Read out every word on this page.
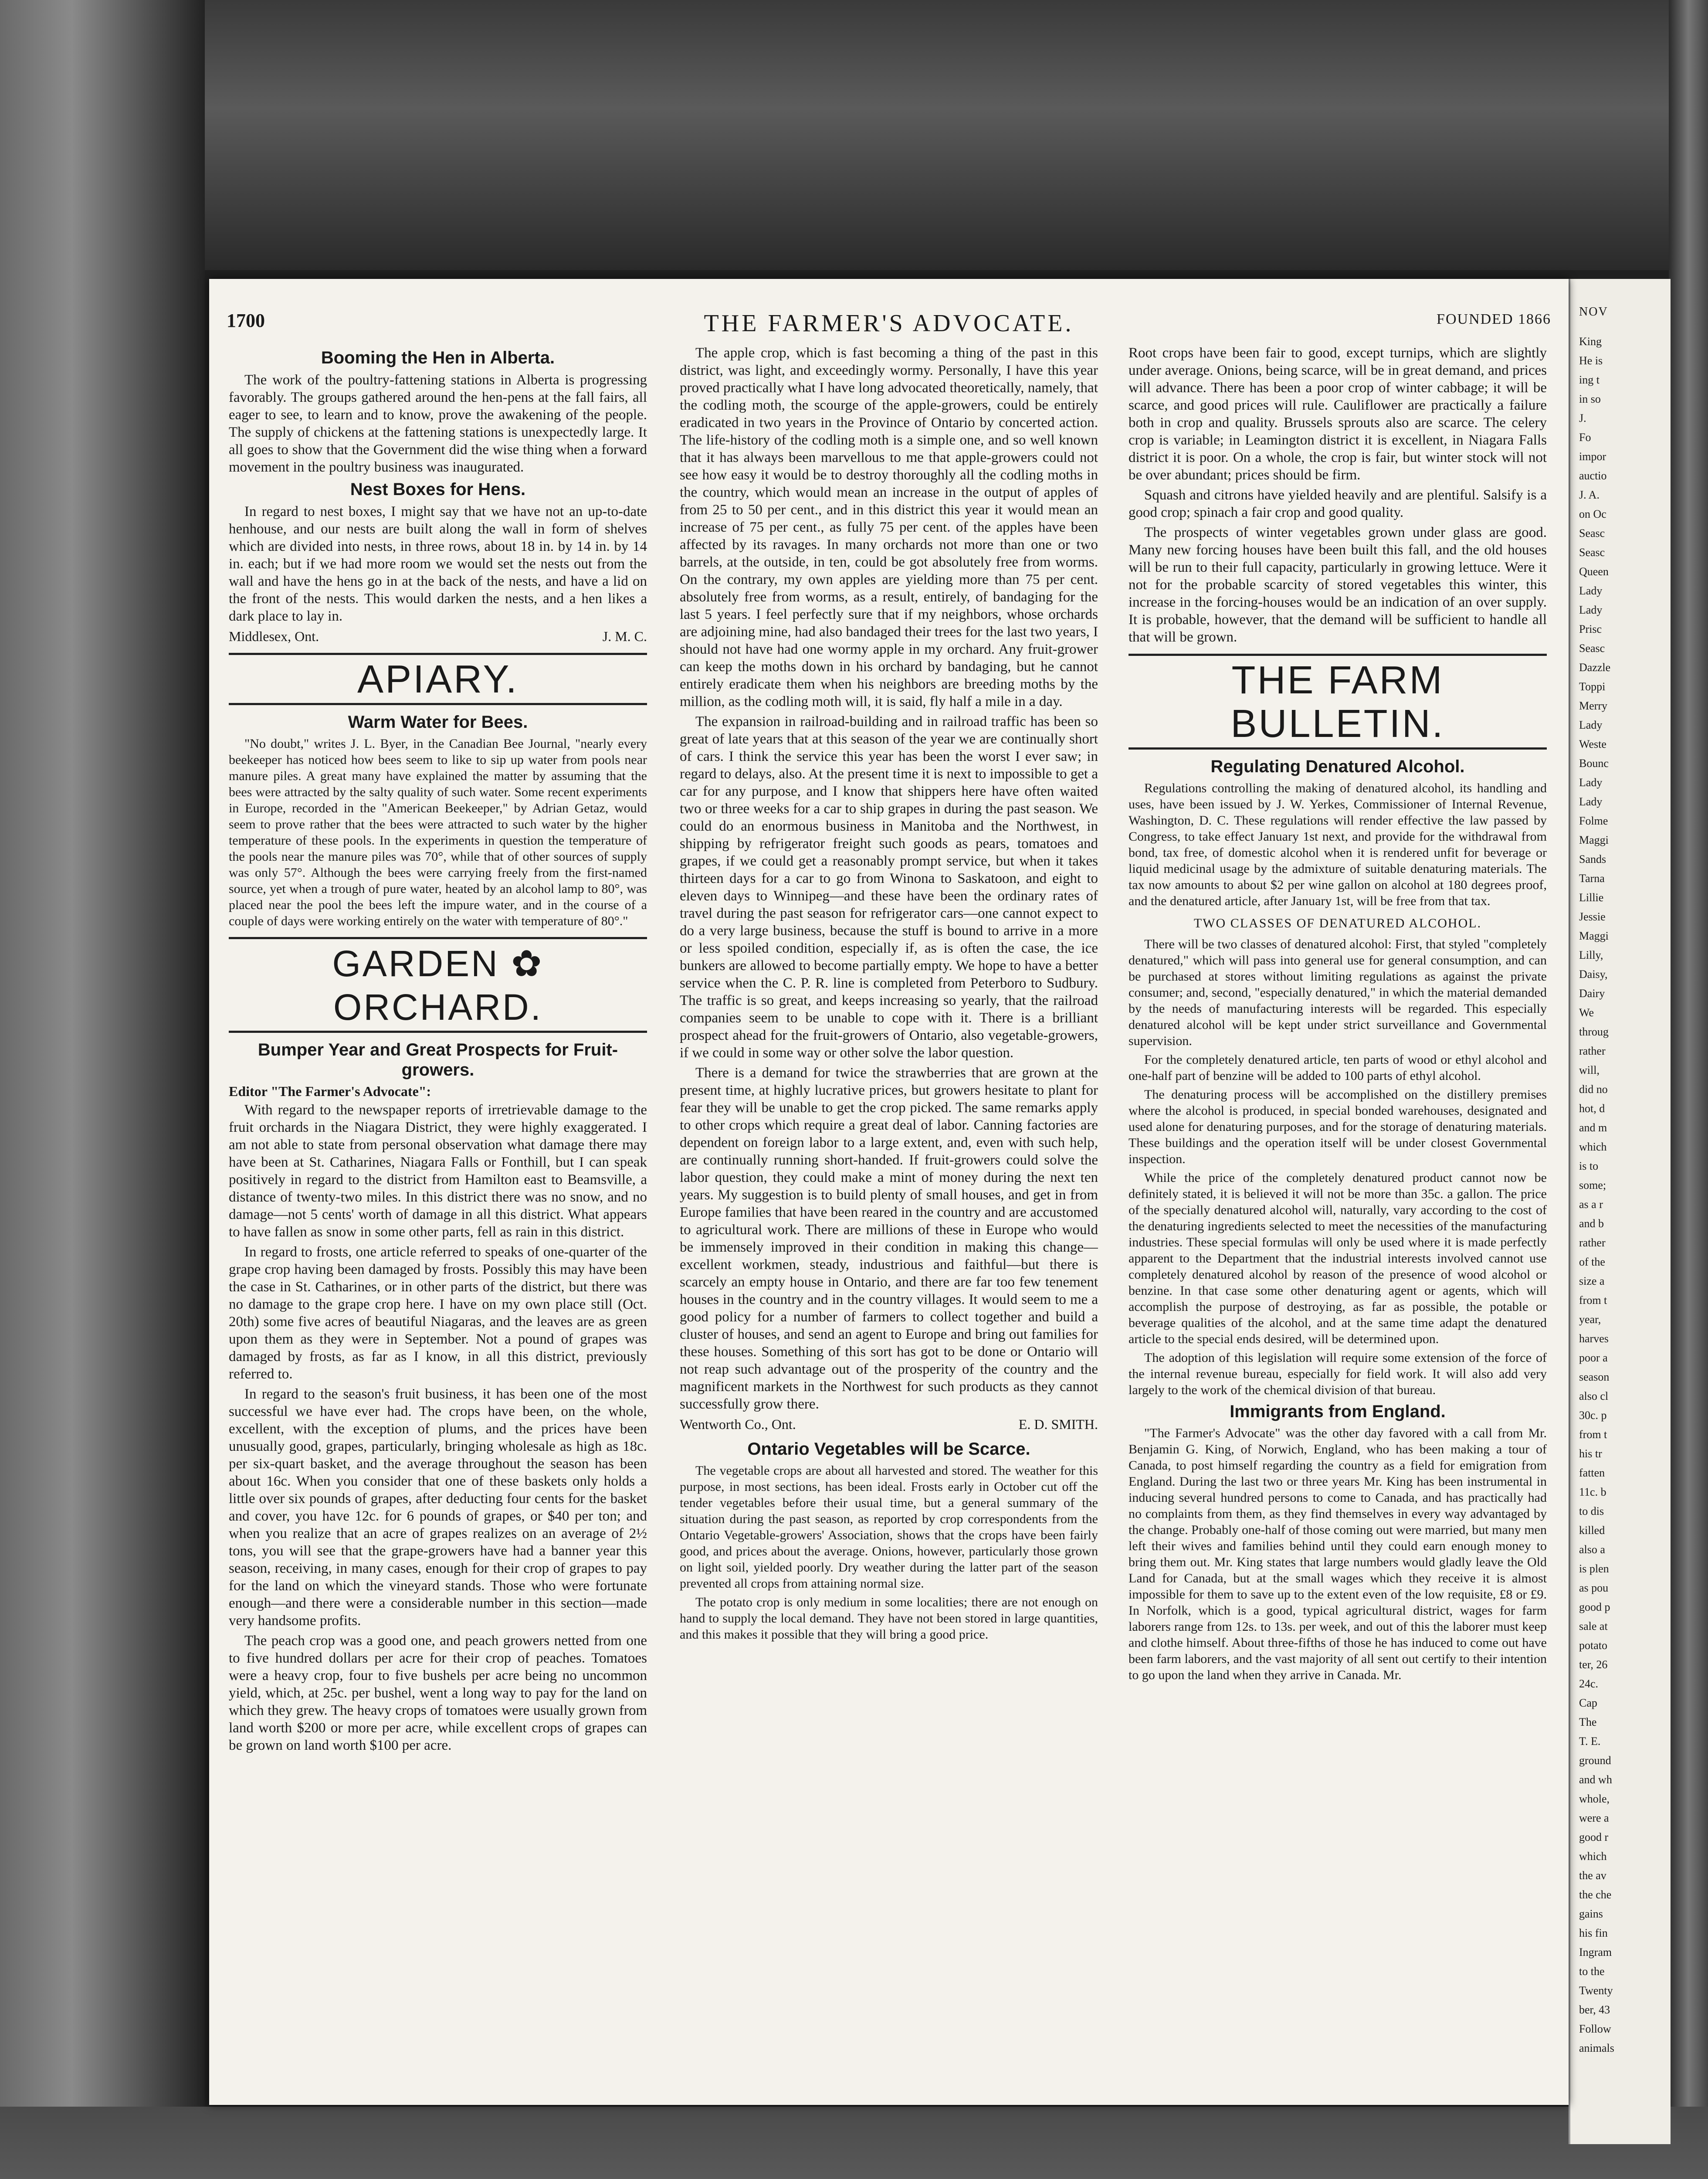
NOV
King
He is
ing t
in so
J.
Fo
impor
auctio
J. A.
on Oc
Seasc
Seasc
Queen
Lady
Lady
Prisc
Seasc
Dazzle
Toppi
Merry
Lady
Weste
Bounc
Lady
Lady
Folme
Maggi
Sands
Tarna
Lillie
Jessie
Maggi
Lilly,
Daisy,
Dairy
We
throug
rather
will,
did no
hot, d
and m
which
is to
some;
as a r
and b
rather
of the
size a
from t
year,
harves
poor a
season
also cl
30c. p
from t
his tr
fatten
11c. b
to dis
killed
also a
is plen
as pou
good p
sale at
potato
ter, 26
24c.
Cap
The
T. E.
ground
and wh
whole,
were a
good r
which
the av
the che
gains
his fin
Ingram
to the
Twenty
ber, 43
Follow
animals
1700	THE FARMER'S ADVOCATE.	FOUNDED 1866
Booming the Hen in Alberta.

The work of the poultry-fattening stations in Alberta is progressing favorably. The groups gathered around the hen-pens at the fall fairs, all eager to see, to learn and to know, prove the awakening of the people. The supply of chickens at the fattening stations is unexpectedly large. It all goes to show that the Government did the wise thing when a forward movement in the poultry business was inaugurated.

Nest Boxes for Hens.

In regard to nest boxes, I might say that we have not an up-to-date henhouse, and our nests are built along the wall in form of shelves which are divided into nests, in three rows, about 18 in. by 14 in. by 14 in. each; but if we had more room we would set the nests out from the wall and have the hens go in at the back of the nests, and have a lid on the front of the nests. This would darken the nests, and a hen likes a dark place to lay in.

Middlesex, Ont.	J. M. C.

APIARY.
Warm Water for Bees.

"No doubt," writes J. L. Byer, in the Canadian Bee Journal, "nearly every beekeeper has noticed how bees seem to like to sip up water from pools near manure piles. A great many have explained the matter by assuming that the bees were attracted by the salty quality of such water. Some recent experiments in Europe, recorded in the "American Beekeeper," by Adrian Getaz, would seem to prove rather that the bees were attracted to such water by the higher temperature of these pools. In the experiments in question the temperature of the pools near the manure piles was 70°, while that of other sources of supply was only 57°. Although the bees were carrying freely from the first-named source, yet when a trough of pure water, heated by an alcohol lamp to 80°, was placed near the pool the bees left the impure water, and in the course of a couple of days were working entirely on the water with temperature of 80°."

GARDEN ✿ ORCHARD.
Bumper Year and Great Prospects for Fruit-growers.

Editor "The Farmer's Advocate":

With regard to the newspaper reports of irretrievable damage to the fruit orchards in the Niagara District, they were highly exaggerated. I am not able to state from personal observation what damage there may have been at St. Catharines, Niagara Falls or Fonthill, but I can speak positively in regard to the district from Hamilton east to Beamsville, a distance of twenty-two miles. In this district there was no snow, and no damage—not 5 cents' worth of damage in all this district. What appears to have fallen as snow in some other parts, fell as rain in this district.

In regard to frosts, one article referred to speaks of one-quarter of the grape crop having been damaged by frosts. Possibly this may have been the case in St. Catharines, or in other parts of the district, but there was no damage to the grape crop here. I have on my own place still (Oct. 20th) some five acres of beautiful Niagaras, and the leaves are as green upon them as they were in September. Not a pound of grapes was damaged by frosts, as far as I know, in all this district, previously referred to.

In regard to the season's fruit business, it has been one of the most successful we have ever had. The crops have been, on the whole, excellent, with the exception of plums, and the prices have been unusually good, grapes, particularly, bringing wholesale as high as 18c. per six-quart basket, and the average throughout the season has been about 16c. When you consider that one of these baskets only holds a little over six pounds of grapes, after deducting four cents for the basket and cover, you have 12c. for 6 pounds of grapes, or $40 per ton; and when you realize that an acre of grapes realizes on an average of 2½ tons, you will see that the grape-growers have had a banner year this season, receiving, in many cases, enough for their crop of grapes to pay for the land on which the vineyard stands. Those who were fortunate enough—and there were a considerable number in this section—made very handsome profits.

The peach crop was a good one, and peach growers netted from one to five hundred dollars per acre for their crop of peaches. Tomatoes were a heavy crop, four to five bushels per acre being no uncommon yield, which, at 25c. per bushel, went a long way to pay for the land on which they grew. The heavy crops of tomatoes were usually grown from land worth $200 or more per acre, while excellent crops of grapes can be grown on land worth $100 per acre.

The apple crop, which is fast becoming a thing of the past in this district, was light, and exceedingly wormy. Personally, I have this year proved practically what I have long advocated theoretically, namely, that the codling moth, the scourge of the apple-growers, could be entirely eradicated in two years in the Province of Ontario by concerted action. The life-history of the codling moth is a simple one, and so well known that it has always been marvellous to me that apple-growers could not see how easy it would be to destroy thoroughly all the codling moths in the country, which would mean an increase in the output of apples of from 25 to 50 per cent., and in this district this year it would mean an increase of 75 per cent., as fully 75 per cent. of the apples have been affected by its ravages. In many orchards not more than one or two barrels, at the outside, in ten, could be got absolutely free from worms. On the contrary, my own apples are yielding more than 75 per cent. absolutely free from worms, as a result, entirely, of bandaging for the last 5 years. I feel perfectly sure that if my neighbors, whose orchards are adjoining mine, had also bandaged their trees for the last two years, I should not have had one wormy apple in my orchard. Any fruit-grower can keep the moths down in his orchard by bandaging, but he cannot entirely eradicate them when his neighbors are breeding moths by the million, as the codling moth will, it is said, fly half a mile in a day.

The expansion in railroad-building and in railroad traffic has been so great of late years that at this season of the year we are continually short of cars. I think the service this year has been the worst I ever saw; in regard to delays, also. At the present time it is next to impossible to get a car for any purpose, and I know that shippers here have often waited two or three weeks for a car to ship grapes in during the past season. We could do an enormous business in Manitoba and the Northwest, in shipping by refrigerator freight such goods as pears, tomatoes and grapes, if we could get a reasonably prompt service, but when it takes thirteen days for a car to go from Winona to Saskatoon, and eight to eleven days to Winnipeg—and these have been the ordinary rates of travel during the past season for refrigerator cars—one cannot expect to do a very large business, because the stuff is bound to arrive in a more or less spoiled condition, especially if, as is often the case, the ice bunkers are allowed to become partially empty. We hope to have a better service when the C. P. R. line is completed from Peterboro to Sudbury. The traffic is so great, and keeps increasing so yearly, that the railroad companies seem to be unable to cope with it. There is a brilliant prospect ahead for the fruit-growers of Ontario, also vegetable-growers, if we could in some way or other solve the labor question.

There is a demand for twice the strawberries that are grown at the present time, at highly lucrative prices, but growers hesitate to plant for fear they will be unable to get the crop picked. The same remarks apply to other crops which require a great deal of labor. Canning factories are dependent on foreign labor to a large extent, and, even with such help, are continually running short-handed. If fruit-growers could solve the labor question, they could make a mint of money during the next ten years. My suggestion is to build plenty of small houses, and get in from Europe families that have been reared in the country and are accustomed to agricultural work. There are millions of these in Europe who would be immensely improved in their condition in making this change—excellent workmen, steady, industrious and faithful—but there is scarcely an empty house in Ontario, and there are far too few tenement houses in the country and in the country villages. It would seem to me a good policy for a number of farmers to collect together and build a cluster of houses, and send an agent to Europe and bring out families for these houses. Something of this sort has got to be done or Ontario will not reap such advantage out of the prosperity of the country and the magnificent markets in the Northwest for such products as they cannot successfully grow there.

Wentworth Co., Ont.	E. D. SMITH.

Ontario Vegetables will be Scarce.

The vegetable crops are about all harvested and stored. The weather for this purpose, in most sections, has been ideal. Frosts early in October cut off the tender vegetables before their usual time, but a general summary of the situation during the past season, as reported by crop correspondents from the Ontario Vegetable-growers' Association, shows that the crops have been fairly good, and prices about the average. Onions, however, particularly those grown on light soil, yielded poorly. Dry weather during the latter part of the season prevented all crops from attaining normal size.

The potato crop is only medium in some localities; there are not enough on hand to supply the local demand. They have not been stored in large quantities, and this makes it possible that they will bring a good price.

Root crops have been fair to good, except turnips, which are slightly under average. Onions, being scarce, will be in great demand, and prices will advance. There has been a poor crop of winter cabbage; it will be scarce, and good prices will rule. Cauliflower are practically a failure both in crop and quality. Brussels sprouts also are scarce. The celery crop is variable; in Leamington district it is excellent, in Niagara Falls district it is poor. On a whole, the crop is fair, but winter stock will not be over abundant; prices should be firm.

Squash and citrons have yielded heavily and are plentiful. Salsify is a good crop; spinach a fair crop and good quality.

The prospects of winter vegetables grown under glass are good. Many new forcing houses have been built this fall, and the old houses will be run to their full capacity, particularly in growing lettuce. Were it not for the probable scarcity of stored vegetables this winter, this increase in the forcing-houses would be an indication of an over supply. It is probable, however, that the demand will be sufficient to handle all that will be grown.

THE FARM BULLETIN.
Regulating Denatured Alcohol.

Regulations controlling the making of denatured alcohol, its handling and uses, have been issued by J. W. Yerkes, Commissioner of Internal Revenue, Washington, D. C. These regulations will render effective the law passed by Congress, to take effect January 1st next, and provide for the withdrawal from bond, tax free, of domestic alcohol when it is rendered unfit for beverage or liquid medicinal usage by the admixture of suitable denaturing materials. The tax now amounts to about $2 per wine gallon on alcohol at 180 degrees proof, and the denatured article, after January 1st, will be free from that tax.

TWO CLASSES OF DENATURED ALCOHOL.

There will be two classes of denatured alcohol: First, that styled "completely denatured," which will pass into general use for general consumption, and can be purchased at stores without limiting regulations as against the private consumer; and, second, "especially denatured," in which the material demanded by the needs of manufacturing interests will be regarded. This especially denatured alcohol will be kept under strict surveillance and Governmental supervision.

For the completely denatured article, ten parts of wood or ethyl alcohol and one-half part of benzine will be added to 100 parts of ethyl alcohol.

The denaturing process will be accomplished on the distillery premises where the alcohol is produced, in special bonded warehouses, designated and used alone for denaturing purposes, and for the storage of denaturing materials. These buildings and the operation itself will be under closest Governmental inspection.

While the price of the completely denatured product cannot now be definitely stated, it is believed it will not be more than 35c. a gallon. The price of the specially denatured alcohol will, naturally, vary according to the cost of the denaturing ingredients selected to meet the necessities of the manufacturing industries. These special formulas will only be used where it is made perfectly apparent to the Department that the industrial interests involved cannot use completely denatured alcohol by reason of the presence of wood alcohol or benzine. In that case some other denaturing agent or agents, which will accomplish the purpose of destroying, as far as possible, the potable or beverage qualities of the alcohol, and at the same time adapt the denatured article to the special ends desired, will be determined upon.

The adoption of this legislation will require some extension of the force of the internal revenue bureau, especially for field work. It will also add very largely to the work of the chemical division of that bureau.

Immigrants from England.

"The Farmer's Advocate" was the other day favored with a call from Mr. Benjamin G. King, of Norwich, England, who has been making a tour of Canada, to post himself regarding the country as a field for emigration from England. During the last two or three years Mr. King has been instrumental in inducing several hundred persons to come to Canada, and has practically had no complaints from them, as they find themselves in every way advantaged by the change. Probably one-half of those coming out were married, but many men left their wives and families behind until they could earn enough money to bring them out. Mr. King states that large numbers would gladly leave the Old Land for Canada, but at the small wages which they receive it is almost impossible for them to save up to the extent even of the low requisite, £8 or £9. In Norfolk, which is a good, typical agricultural district, wages for farm laborers range from 12s. to 13s. per week, and out of this the laborer must keep and clothe himself. About three-fifths of those he has induced to come out have been farm laborers, and the vast majority of all sent out certify to their intention to go upon the land when they arrive in Canada. Mr.
